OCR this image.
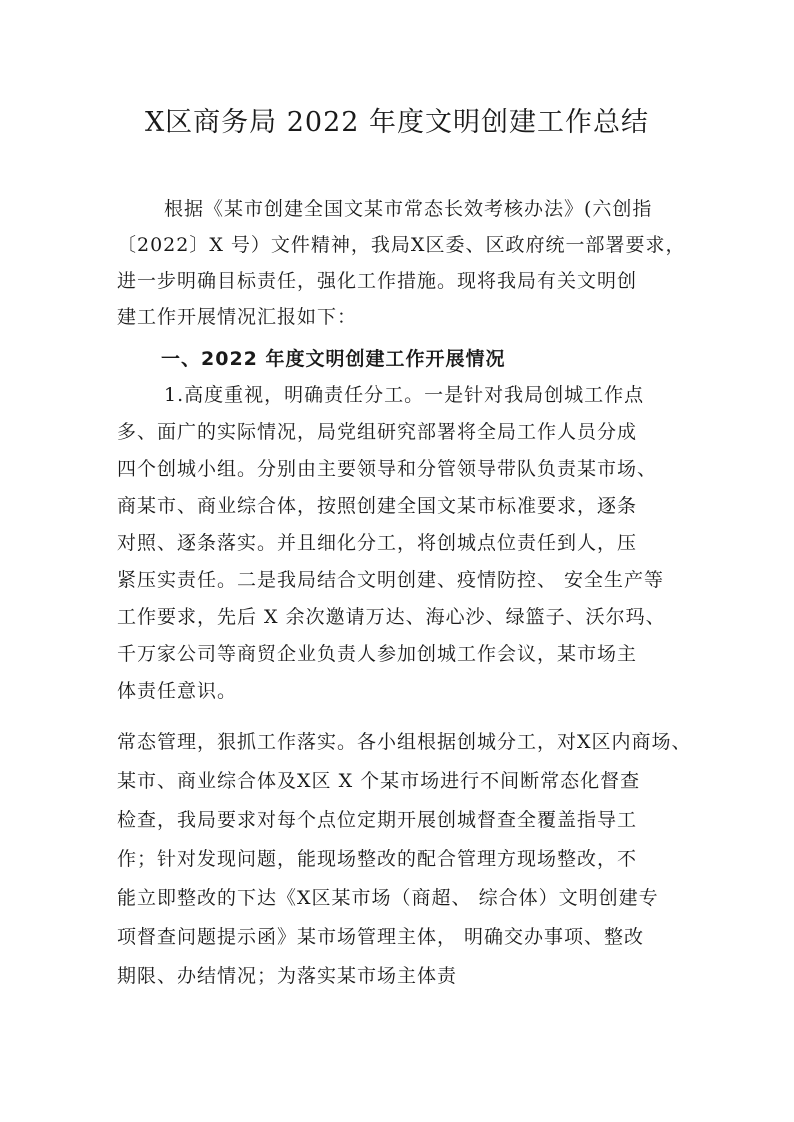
X区商务局 2022 年度文明创建工作总结
根据《某市创建全国文某市常态长效考核办法》(六创指
〔2022〕X 号）文件精神，我局X区委、区政府统一部署要求，
进一步明确目标责任，强化工作措施。现将我局有关文明创
建工作开展情况汇报如下：
一、2022 年度文明创建工作开展情况
1.高度重视，明确责任分工。一是针对我局创城工作点
多、面广的实际情况，局党组研究部署将全局工作人员分成
四个创城小组。分别由主要领导和分管领导带队负责某市场、
商某市、商业综合体，按照创建全国文某市标准要求，逐条
对照、逐条落实。并且细化分工，将创城点位责任到人，压
紧压实责任。二是我局结合文明创建、疫情防控、 安全生产等
工作要求，先后 X 余次邀请万达、海心沙、绿篮子、沃尔玛、
千万家公司等商贸企业负责人参加创城工作会议，某市场主
体责任意识。
常态管理，狠抓工作落实。各小组根据创城分工，对X区内商场、
某市、商业综合体及X区 X 个某市场进行不间断常态化督查
检查，我局要求对每个点位定期开展创城督查全覆盖指导工
作；针对发现问题，能现场整改的配合管理方现场整改，不
能立即整改的下达《X区某市场（商超、 综合体）文明创建专
项督查问题提示函》某市场管理主体， 明确交办事项、整改
期限、办结情况；为落实某市场主体责
